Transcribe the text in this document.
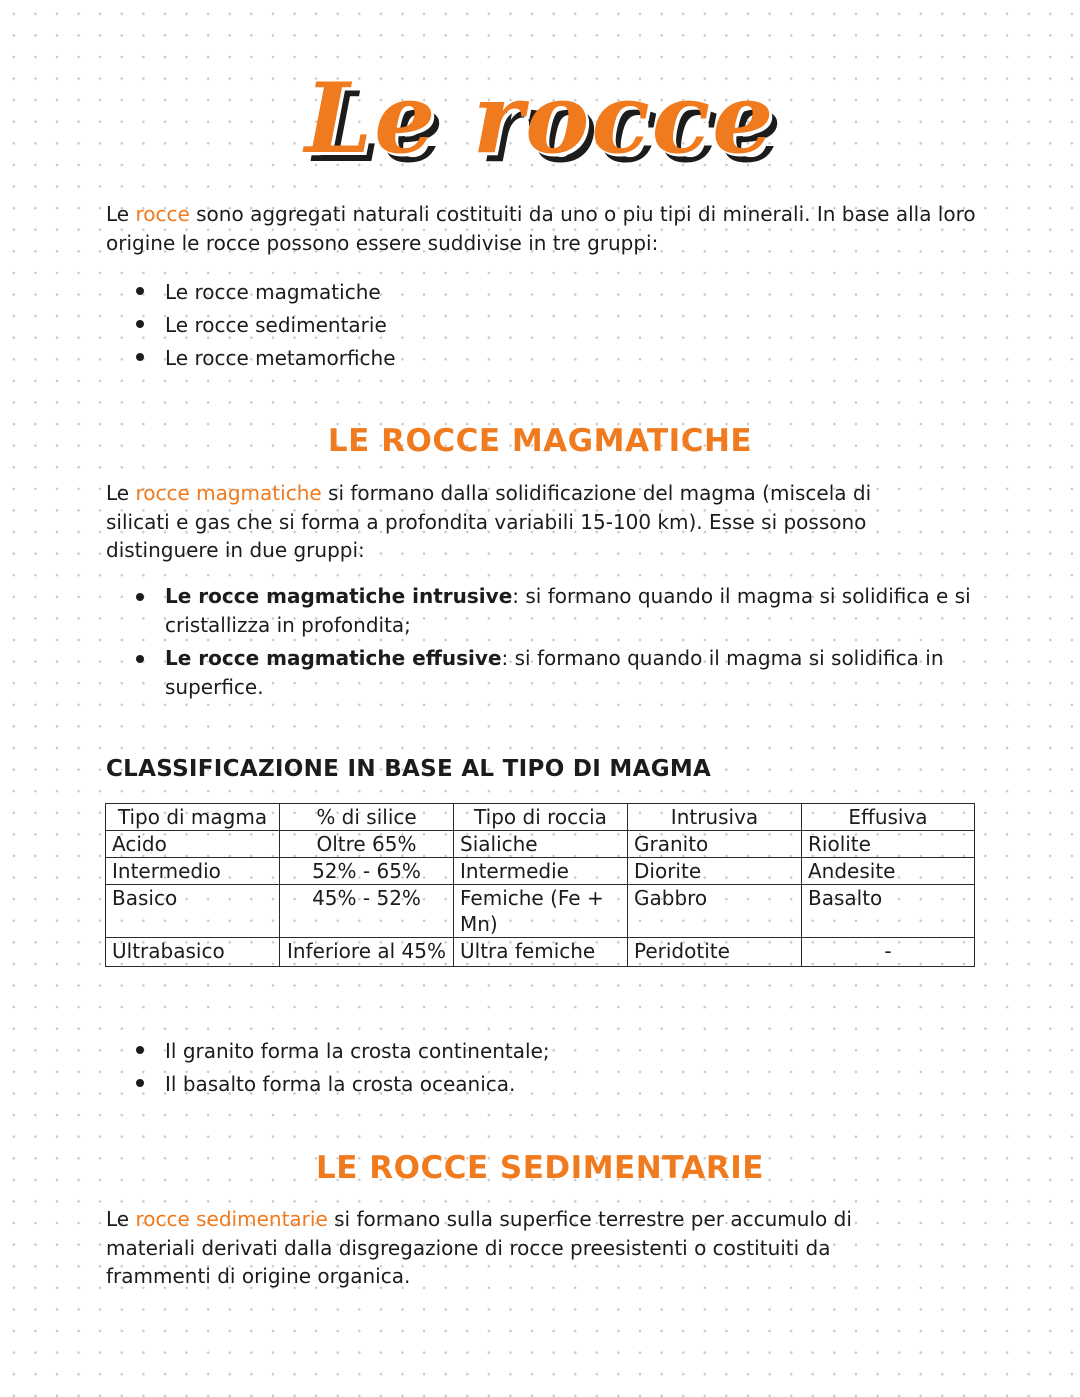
Le rocce

Le rocce sono aggregati naturali costituiti da uno o piu tipi di minerali. In base alla loro origine le rocce possono essere suddivise in tre gruppi:

Le rocce magmatiche
Le rocce sedimentarie
Le rocce metamorfiche
LE ROCCE MAGMATICHE

Le rocce magmatiche si formano dalla solidificazione del magma (miscela di silicati e gas che si forma a profondita variabili 15-100 km). Esse si possono distinguere in due gruppi:

Le rocce magmatiche intrusive: si formano quando il magma si solidifica e si cristallizza in profondita;
Le rocce magmatiche effusive: si formano quando il magma si solidifica in superfice.
CLASSIFICAZIONE IN BASE AL TIPO DI MAGMA
Tipo di magma	% di silice	Tipo di roccia	Intrusiva	Effusiva
Acido	Oltre 65%	Sialiche	Granito	Riolite
Intermedio	52% - 65%	Intermedie	Diorite	Andesite
Basico	45% - 52%	Femiche (Fe + Mn)	Gabbro	Basalto
Ultrabasico	Inferiore al 45%	Ultra femiche	Peridotite	-
Il granito forma la crosta continentale;
Il basalto forma la crosta oceanica.
LE ROCCE SEDIMENTARIE

Le rocce sedimentarie si formano sulla superfice terrestre per accumulo di materiali derivati dalla disgregazione di rocce preesistenti o costituiti da frammenti di origine organica.
